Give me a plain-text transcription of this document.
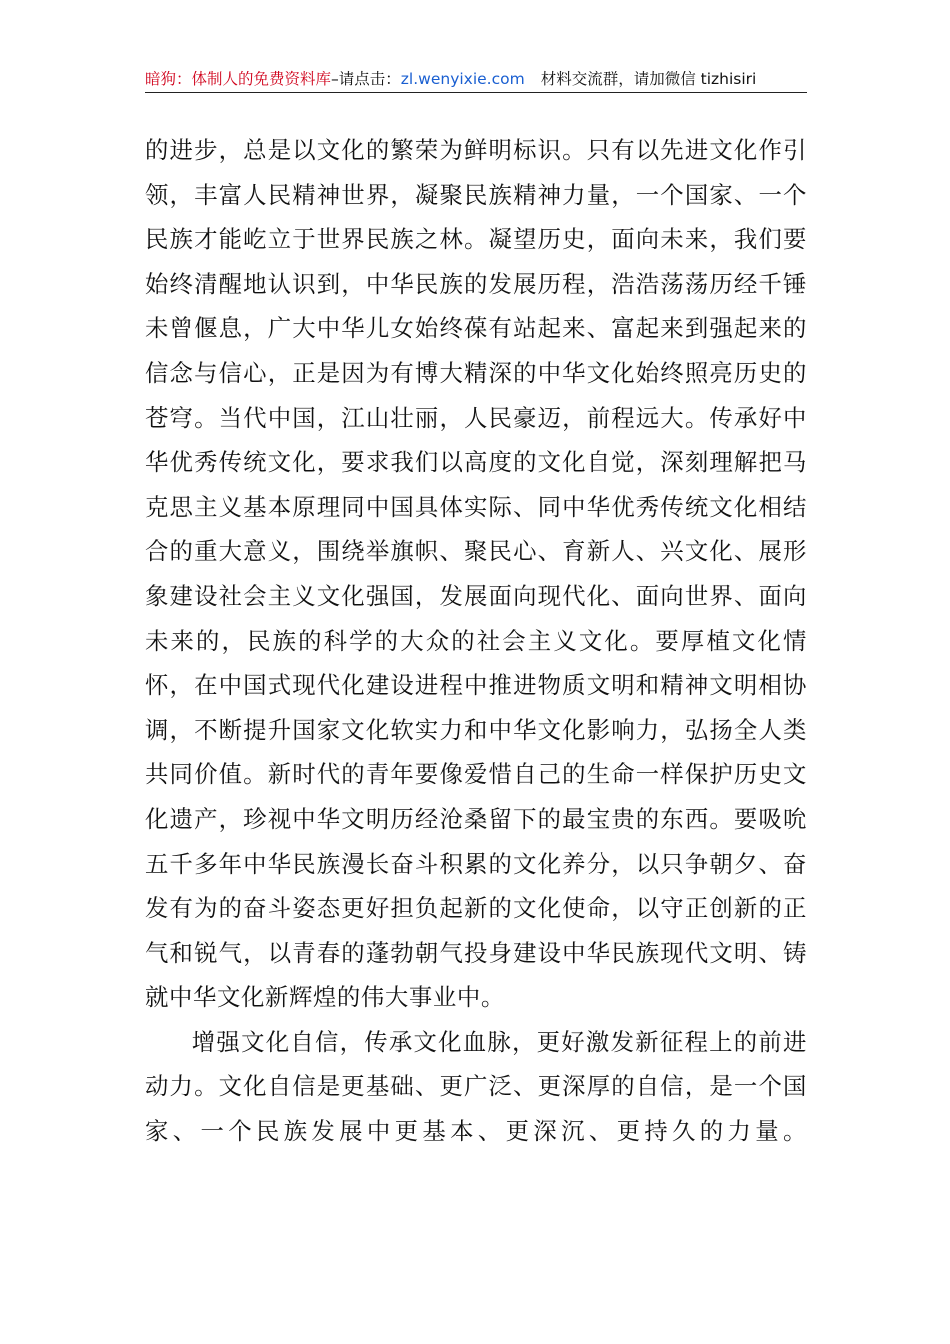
暗狗：体制人的免费资料库–请点击：zl.wenyixie.com 材料交流群，请加微信 tizhisiri

的进步，总是以文化的繁荣为鲜明标识。只有以先进文化作引领，丰富人民精神世界，凝聚民族精神力量，一个国家、一个民族才能屹立于世界民族之林。凝望历史，面向未来，我们要始终清醒地认识到，中华民族的发展历程，浩浩荡荡历经千锤未曾偃息，广大中华儿女始终葆有站起来、富起来到强起来的信念与信心，正是因为有博大精深的中华文化始终照亮历史的苍穹。当代中国，江山壮丽，人民豪迈，前程远大。传承好中华优秀传统文化，要求我们以高度的文化自觉，深刻理解把马克思主义基本原理同中国具体实际、同中华优秀传统文化相结合的重大意义，围绕举旗帜、聚民心、育新人、兴文化、展形象建设社会主义文化强国，发展面向现代化、面向世界、面向未来的，民族的科学的大众的社会主义文化。要厚植文化情怀，在中国式现代化建设进程中推进物质文明和精神文明相协调，不断提升国家文化软实力和中华文化影响力，弘扬全人类共同价值。新时代的青年要像爱惜自己的生命一样保护历史文化遗产，珍视中华文明历经沧桑留下的最宝贵的东西。要吸吮五千多年中华民族漫长奋斗积累的文化养分，以只争朝夕、奋发有为的奋斗姿态更好担负起新的文化使命，以守正创新的正气和锐气，以青春的蓬勃朝气投身建设中华民族现代文明、铸就中华文化新辉煌的伟大事业中。

增强文化自信，传承文化血脉，更好激发新征程上的前进动力。文化自信是更基础、更广泛、更深厚的自信，是一个国家、一个民族发展中更基本、更深沉、更持久的力量。
